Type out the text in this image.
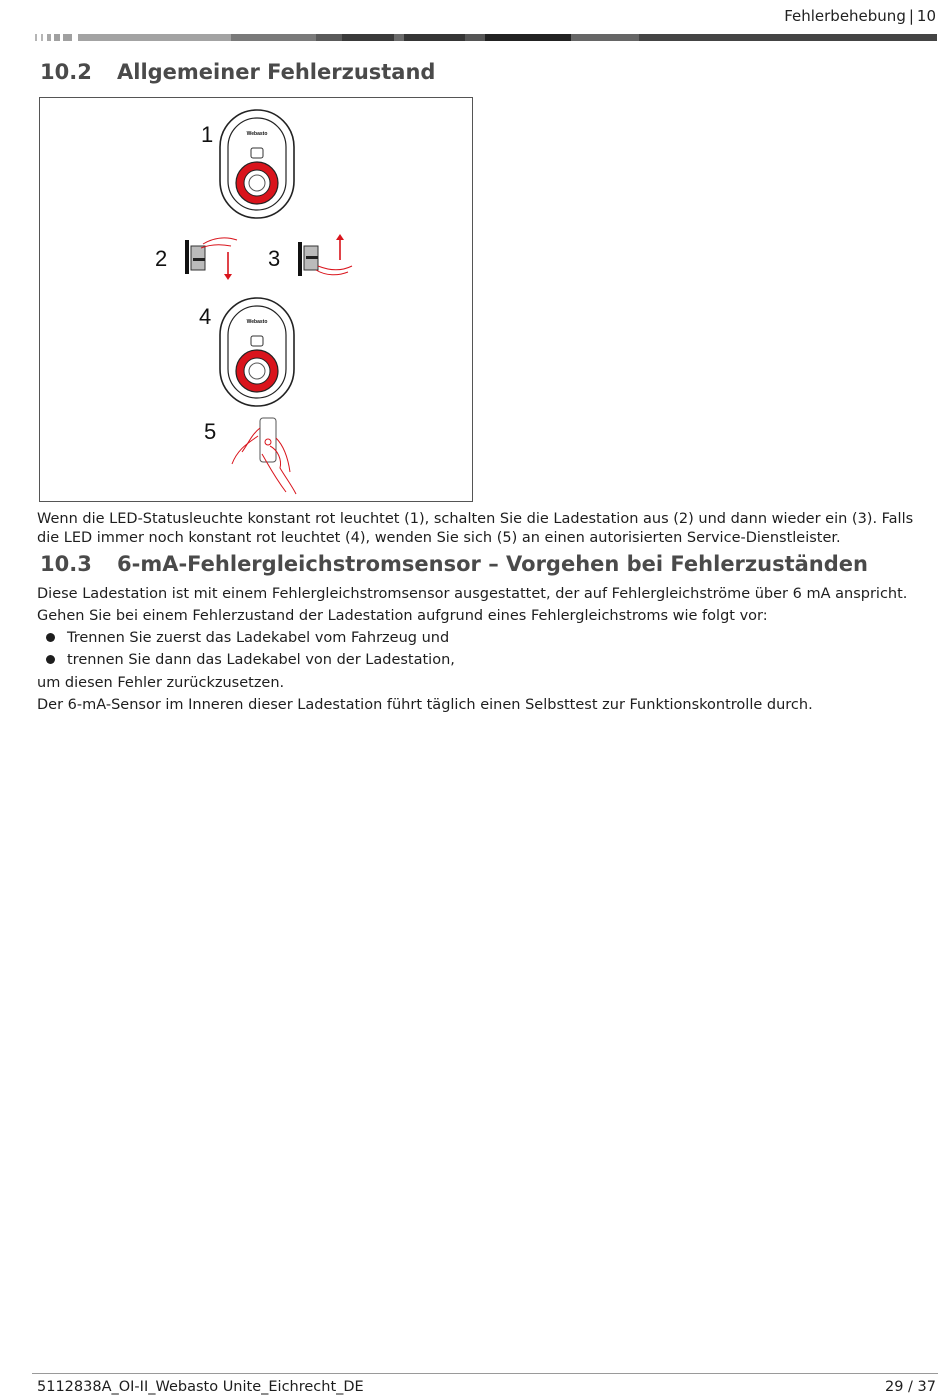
Fehlerbehebung | 10
10.2 Allgemeiner Fehlerzustand
1
2	3
4
5
Webasto
Webasto

Wenn die LED-Statusleuchte konstant rot leuchtet (1), schalten Sie die Ladestation aus (2) und dann wieder ein (3). Falls die LED immer noch konstant rot leuchtet (4), wenden Sie sich (5) an einen autorisierten Service-Dienstleister.

10.3 6-mA-Fehlergleichstromsensor – Vorgehen bei Fehlerzuständen

Diese Ladestation ist mit einem Fehlergleichstromsensor ausgestattet, der auf Fehlergleichströme über 6 mA anspricht.

Gehen Sie bei einem Fehlerzustand der Ladestation aufgrund eines Fehlergleichstroms wie folgt vor:

Trennen Sie zuerst das Ladekabel vom Fahrzeug und
trennen Sie dann das Ladekabel von der Ladestation,

um diesen Fehler zurückzusetzen.

Der 6-mA-Sensor im Inneren dieser Ladestation führt täglich einen Selbsttest zur Funktionskontrolle durch.

5112838A_OI-II_Webasto Unite_Eichrecht_DE	29 / 37
